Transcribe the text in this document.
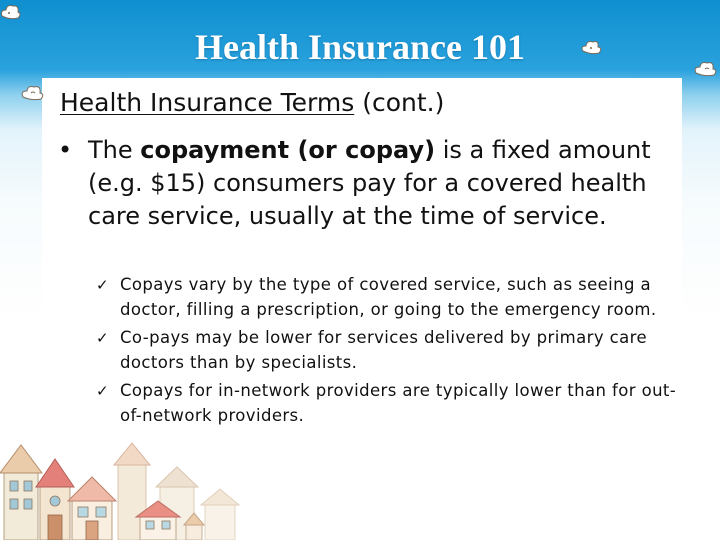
Health Insurance 101
Health Insurance Terms (cont.)
• The copayment (or copay) is a fixed amount (e.g. $15) consumers pay for a covered health care service, usually at the time of service.
✓ Copays vary by the type of covered service, such as seeing a doctor, filling a prescription, or going to the emergency room.
✓ Co-pays may be lower for services delivered by primary care doctors than by specialists.
✓ Copays for in-network providers are typically lower than for out-of-network providers.
